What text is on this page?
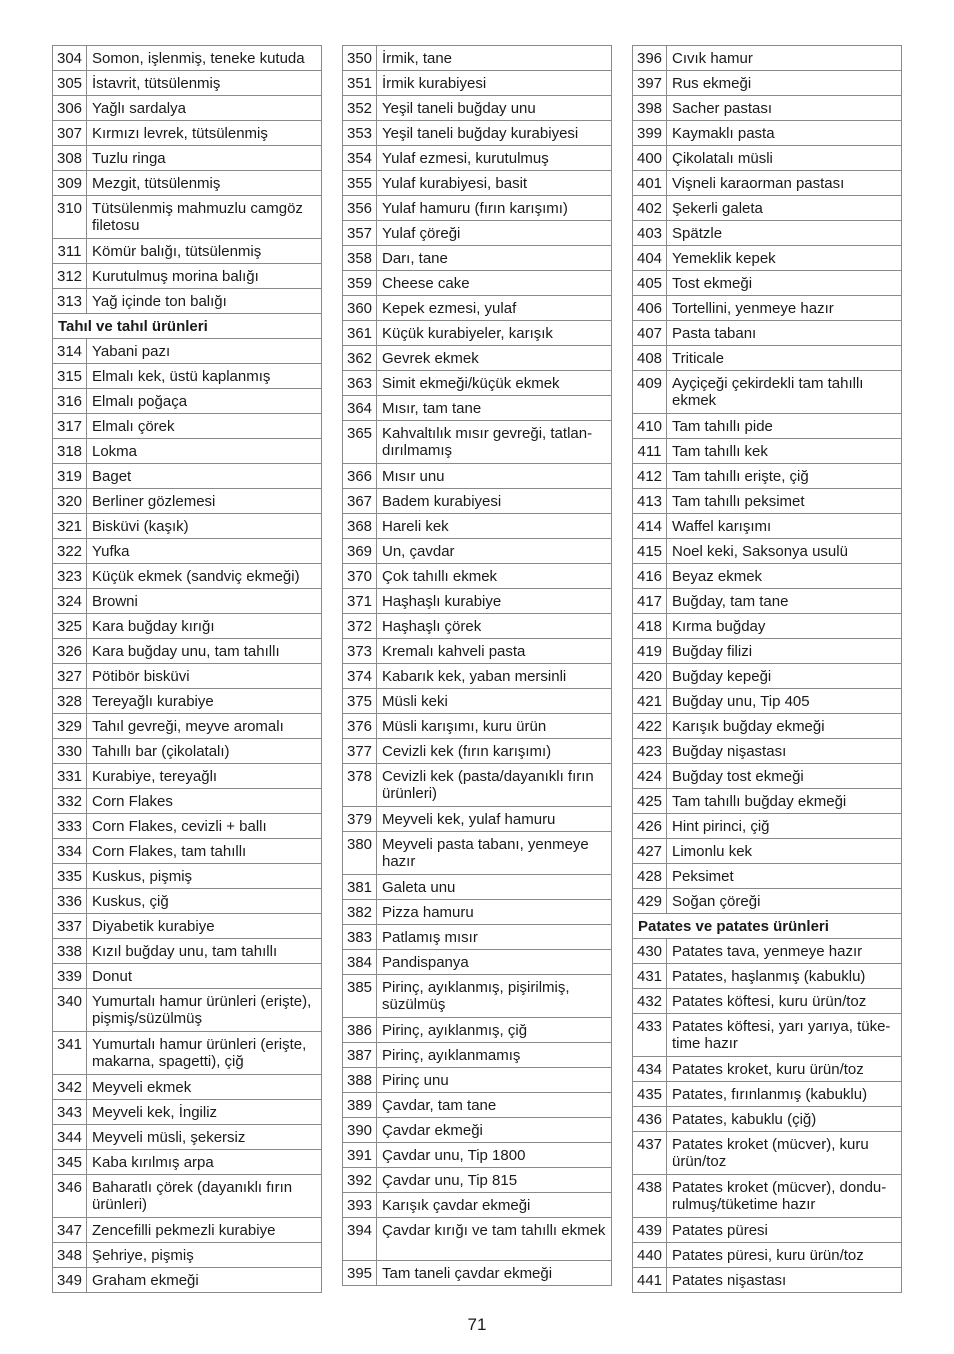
304	Somon, işlenmiş, teneke kutuda
305	İstavrit, tütsülenmiş
306	Yağlı sardalya
307	Kırmızı levrek, tütsülenmiş
308	Tuzlu ringa
309	Mezgit, tütsülenmiş
310	Tütsülenmiş mahmuzlu camgöz filetosu
311	Kömür balığı, tütsülenmiş
312	Kurutulmuş morina balığı
313	Yağ içinde ton balığı
Tahıl ve tahıl ürünleri	
314	Yabani pazı
315	Elmalı kek, üstü kaplanmış
316	Elmalı poğaça
317	Elmalı çörek
318	Lokma
319	Baget
320	Berliner gözlemesi
321	Bisküvi (kaşık)
322	Yufka
323	Küçük ekmek (sandviç ekmeği)
324	Browni
325	Kara buğday kırığı
326	Kara buğday unu, tam tahıllı
327	Pötibör bisküvi
328	Tereyağlı kurabiye
329	Tahıl gevreği, meyve aromalı
330	Tahıllı bar (çikolatalı)
331	Kurabiye, tereyağlı
332	Corn Flakes
333	Corn Flakes, cevizli + ballı
334	Corn Flakes, tam tahıllı
335	Kuskus, pişmiş
336	Kuskus, çiğ
337	Diyabetik kurabiye
338	Kızıl buğday unu, tam tahıllı
339	Donut
340	Yumurtalı hamur ürünleri (erişte), pişmiş/süzülmüş
341	Yumurtalı hamur ürünleri (erişte, makarna, spagetti), çiğ
342	Meyveli ekmek
343	Meyveli kek, İngiliz
344	Meyveli müsli, şekersiz
345	Kaba kırılmış arpa
346	Baharatlı çörek (dayanıklı fırın ürünleri)
347	Zencefilli pekmezli kurabiye
348	Şehriye, pişmiş
349	Graham ekmeği
350	İrmik, tane
351	İrmik kurabiyesi
352	Yeşil taneli buğday unu
353	Yeşil taneli buğday kurabiyesi
354	Yulaf ezmesi, kurutulmuş
355	Yulaf kurabiyesi, basit
356	Yulaf hamuru (fırın karışımı)
357	Yulaf çöreği
358	Darı, tane
359	Cheese cake
360	Kepek ezmesi, yulaf
361	Küçük kurabiyeler, karışık
362	Gevrek ekmek
363	Simit ekmeği/küçük ekmek
364	Mısır, tam tane
365	Kahvaltılık mısır gevreği, tatlan-dırılmamış
366	Mısır unu
367	Badem kurabiyesi
368	Hareli kek
369	Un, çavdar
370	Çok tahıllı ekmek
371	Haşhaşlı kurabiye
372	Haşhaşlı çörek
373	Kremalı kahveli pasta
374	Kabarık kek, yaban mersinli
375	Müsli keki
376	Müsli karışımı, kuru ürün
377	Cevizli kek (fırın karışımı)
378	Cevizli kek (pasta/dayanıklı fırın ürünleri)
379	Meyveli kek, yulaf hamuru
380	Meyveli pasta tabanı, yenmeye hazır
381	Galeta unu
382	Pizza hamuru
383	Patlamış mısır
384	Pandispanya
385	Pirinç, ayıklanmış, pişirilmiş, süzülmüş
386	Pirinç, ayıklanmış, çiğ
387	Pirinç, ayıklanmamış
388	Pirinç unu
389	Çavdar, tam tane
390	Çavdar ekmeği
391	Çavdar unu, Tip 1800
392	Çavdar unu, Tip 815
393	Karışık çavdar ekmeği
394	Çavdar kırığı ve tam tahıllı ekmek
395	Tam taneli çavdar ekmeği
396	Cıvık hamur
397	Rus ekmeği
398	Sacher pastası
399	Kaymaklı pasta
400	Çikolatalı müsli
401	Vişneli karaorman pastası
402	Şekerli galeta
403	Spätzle
404	Yemeklik kepek
405	Tost ekmeği
406	Tortellini, yenmeye hazır
407	Pasta tabanı
408	Triticale
409	Ayçiçeği çekirdekli tam tahıllı ekmek
410	Tam tahıllı pide
411	Tam tahıllı kek
412	Tam tahıllı erişte, çiğ
413	Tam tahıllı peksimet
414	Waffel karışımı
415	Noel keki, Saksonya usulü
416	Beyaz ekmek
417	Buğday, tam tane
418	Kırma buğday
419	Buğday filizi
420	Buğday kepeği
421	Buğday unu, Tip 405
422	Karışık buğday ekmeği
423	Buğday nişastası
424	Buğday tost ekmeği
425	Tam tahıllı buğday ekmeği
426	Hint pirinci, çiğ
427	Limonlu kek
428	Peksimet
429	Soğan çöreği
Patates ve patates ürünleri	
430	Patates tava, yenmeye hazır
431	Patates, haşlanmış (kabuklu)
432	Patates köftesi, kuru ürün/toz
433	Patates köftesi, yarı yarıya, tüke-time hazır
434	Patates kroket, kuru ürün/toz
435	Patates, fırınlanmış (kabuklu)
436	Patates, kabuklu (çiğ)
437	Patates kroket (mücver), kuru ürün/toz
438	Patates kroket (mücver), dondu-rulmuş/tüketime hazır
439	Patates püresi
440	Patates püresi, kuru ürün/toz
441	Patates nişastası
71
